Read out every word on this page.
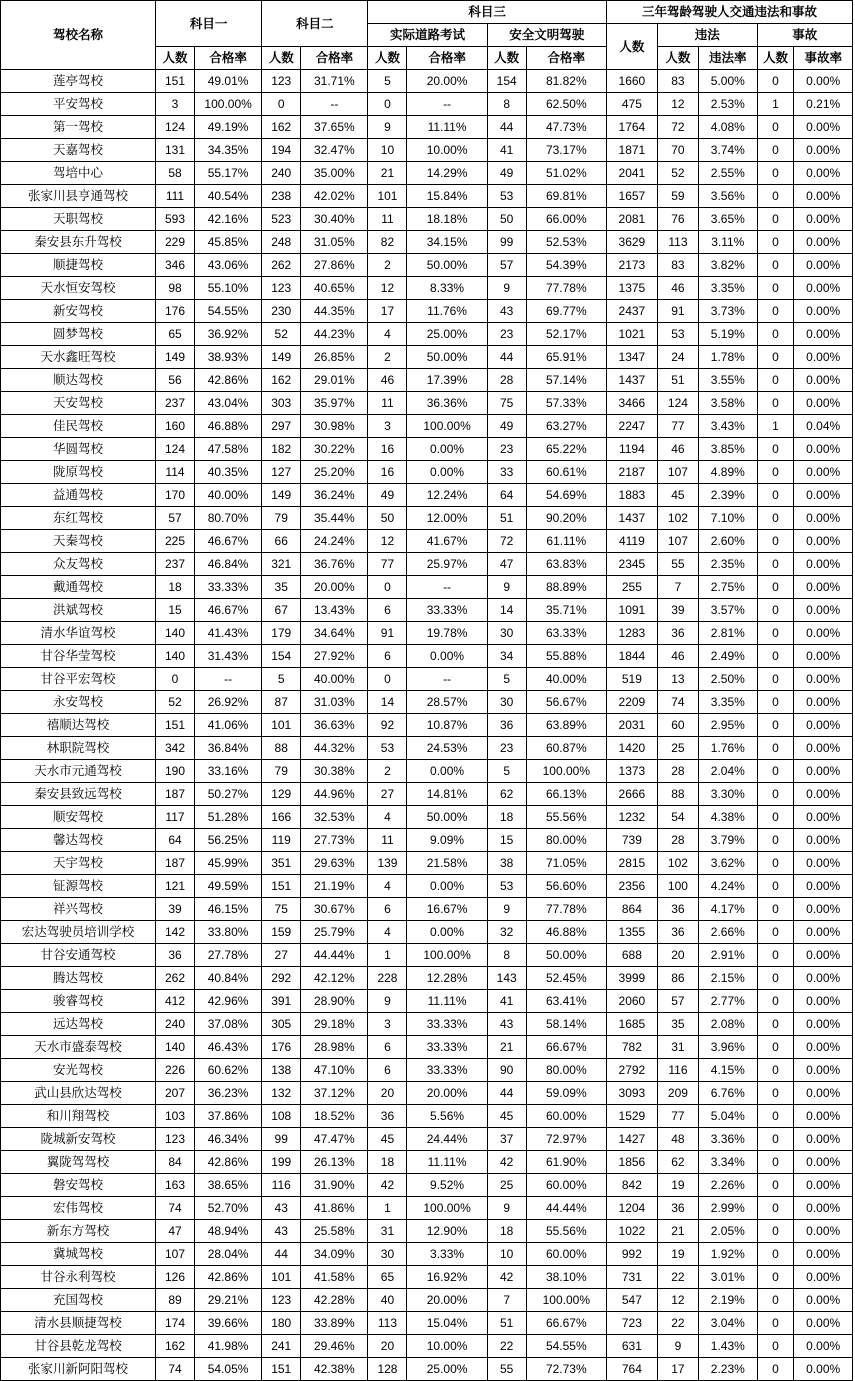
驾校名称	科目一		科目二		科目三				三年驾龄驾驶人交通违法和事故				
					实际道路考试		安全文明驾驶		人数	违法		事故	
	人数	合格率	人数	合格率	人数	合格率	人数	合格率		人数	违法率	人数	事故率
莲亭驾校	151	49.01%	123	31.71%	5	20.00%	154	81.82%	1660	83	5.00%	0	0.00%
平安驾校	3	100.00%	0	--	0	--	8	62.50%	475	12	2.53%	1	0.21%
第一驾校	124	49.19%	162	37.65%	9	11.11%	44	47.73%	1764	72	4.08%	0	0.00%
天嘉驾校	131	34.35%	194	32.47%	10	10.00%	41	73.17%	1871	70	3.74%	0	0.00%
驾培中心	58	55.17%	240	35.00%	21	14.29%	49	51.02%	2041	52	2.55%	0	0.00%
张家川县亨通驾校	111	40.54%	238	42.02%	101	15.84%	53	69.81%	1657	59	3.56%	0	0.00%
天职驾校	593	42.16%	523	30.40%	11	18.18%	50	66.00%	2081	76	3.65%	0	0.00%
秦安县东升驾校	229	45.85%	248	31.05%	82	34.15%	99	52.53%	3629	113	3.11%	0	0.00%
顺捷驾校	346	43.06%	262	27.86%	2	50.00%	57	54.39%	2173	83	3.82%	0	0.00%
天水恒安驾校	98	55.10%	123	40.65%	12	8.33%	9	77.78%	1375	46	3.35%	0	0.00%
新安驾校	176	54.55%	230	44.35%	17	11.76%	43	69.77%	2437	91	3.73%	0	0.00%
圆梦驾校	65	36.92%	52	44.23%	4	25.00%	23	52.17%	1021	53	5.19%	0	0.00%
天水鑫旺驾校	149	38.93%	149	26.85%	2	50.00%	44	65.91%	1347	24	1.78%	0	0.00%
顺达驾校	56	42.86%	162	29.01%	46	17.39%	28	57.14%	1437	51	3.55%	0	0.00%
天安驾校	237	43.04%	303	35.97%	11	36.36%	75	57.33%	3466	124	3.58%	0	0.00%
佳民驾校	160	46.88%	297	30.98%	3	100.00%	49	63.27%	2247	77	3.43%	1	0.04%
华圆驾校	124	47.58%	182	30.22%	16	0.00%	23	65.22%	1194	46	3.85%	0	0.00%
陇原驾校	114	40.35%	127	25.20%	16	0.00%	33	60.61%	2187	107	4.89%	0	0.00%
益通驾校	170	40.00%	149	36.24%	49	12.24%	64	54.69%	1883	45	2.39%	0	0.00%
东红驾校	57	80.70%	79	35.44%	50	12.00%	51	90.20%	1437	102	7.10%	0	0.00%
天秦驾校	225	46.67%	66	24.24%	12	41.67%	72	61.11%	4119	107	2.60%	0	0.00%
众友驾校	237	46.84%	321	36.76%	77	25.97%	47	63.83%	2345	55	2.35%	0	0.00%
戴通驾校	18	33.33%	35	20.00%	0	--	9	88.89%	255	7	2.75%	0	0.00%
洪斌驾校	15	46.67%	67	13.43%	6	33.33%	14	35.71%	1091	39	3.57%	0	0.00%
清水华谊驾校	140	41.43%	179	34.64%	91	19.78%	30	63.33%	1283	36	2.81%	0	0.00%
甘谷华莹驾校	140	31.43%	154	27.92%	6	0.00%	34	55.88%	1844	46	2.49%	0	0.00%
甘谷平宏驾校	0	--	5	40.00%	0	--	5	40.00%	519	13	2.50%	0	0.00%
永安驾校	52	26.92%	87	31.03%	14	28.57%	30	56.67%	2209	74	3.35%	0	0.00%
禧顺达驾校	151	41.06%	101	36.63%	92	10.87%	36	63.89%	2031	60	2.95%	0	0.00%
林职院驾校	342	36.84%	88	44.32%	53	24.53%	23	60.87%	1420	25	1.76%	0	0.00%
天水市元通驾校	190	33.16%	79	30.38%	2	0.00%	5	100.00%	1373	28	2.04%	0	0.00%
秦安县致远驾校	187	50.27%	129	44.96%	27	14.81%	62	66.13%	2666	88	3.30%	0	0.00%
顺安驾校	117	51.28%	166	32.53%	4	50.00%	18	55.56%	1232	54	4.38%	0	0.00%
馨达驾校	64	56.25%	119	27.73%	11	9.09%	15	80.00%	739	28	3.79%	0	0.00%
天宇驾校	187	45.99%	351	29.63%	139	21.58%	38	71.05%	2815	102	3.62%	0	0.00%
钲源驾校	121	49.59%	151	21.19%	4	0.00%	53	56.60%	2356	100	4.24%	0	0.00%
祥兴驾校	39	46.15%	75	30.67%	6	16.67%	9	77.78%	864	36	4.17%	0	0.00%
宏达驾驶员培训学校	142	33.80%	159	25.79%	4	0.00%	32	46.88%	1355	36	2.66%	0	0.00%
甘谷安通驾校	36	27.78%	27	44.44%	1	100.00%	8	50.00%	688	20	2.91%	0	0.00%
腾达驾校	262	40.84%	292	42.12%	228	12.28%	143	52.45%	3999	86	2.15%	0	0.00%
骏睿驾校	412	42.96%	391	28.90%	9	11.11%	41	63.41%	2060	57	2.77%	0	0.00%
远达驾校	240	37.08%	305	29.18%	3	33.33%	43	58.14%	1685	35	2.08%	0	0.00%
天水市盛泰驾校	140	46.43%	176	28.98%	6	33.33%	21	66.67%	782	31	3.96%	0	0.00%
安光驾校	226	60.62%	138	47.10%	6	33.33%	90	80.00%	2792	116	4.15%	0	0.00%
武山县欣达驾校	207	36.23%	132	37.12%	20	20.00%	44	59.09%	3093	209	6.76%	0	0.00%
和川翔驾校	103	37.86%	108	18.52%	36	5.56%	45	60.00%	1529	77	5.04%	0	0.00%
陇城新安驾校	123	46.34%	99	47.47%	45	24.44%	37	72.97%	1427	48	3.36%	0	0.00%
翼陇驾驾校	84	42.86%	199	26.13%	18	11.11%	42	61.90%	1856	62	3.34%	0	0.00%
磐安驾校	163	38.65%	116	31.90%	42	9.52%	25	60.00%	842	19	2.26%	0	0.00%
宏伟驾校	74	52.70%	43	41.86%	1	100.00%	9	44.44%	1204	36	2.99%	0	0.00%
新东方驾校	47	48.94%	43	25.58%	31	12.90%	18	55.56%	1022	21	2.05%	0	0.00%
冀城驾校	107	28.04%	44	34.09%	30	3.33%	10	60.00%	992	19	1.92%	0	0.00%
甘谷永利驾校	126	42.86%	101	41.58%	65	16.92%	42	38.10%	731	22	3.01%	0	0.00%
充国驾校	89	29.21%	123	42.28%	40	20.00%	7	100.00%	547	12	2.19%	0	0.00%
清水县顺捷驾校	174	39.66%	180	33.89%	113	15.04%	51	66.67%	723	22	3.04%	0	0.00%
甘谷县乾龙驾校	162	41.98%	241	29.46%	20	10.00%	22	54.55%	631	9	1.43%	0	0.00%
张家川新阿阳驾校	74	54.05%	151	42.38%	128	25.00%	55	72.73%	764	17	2.23%	0	0.00%
